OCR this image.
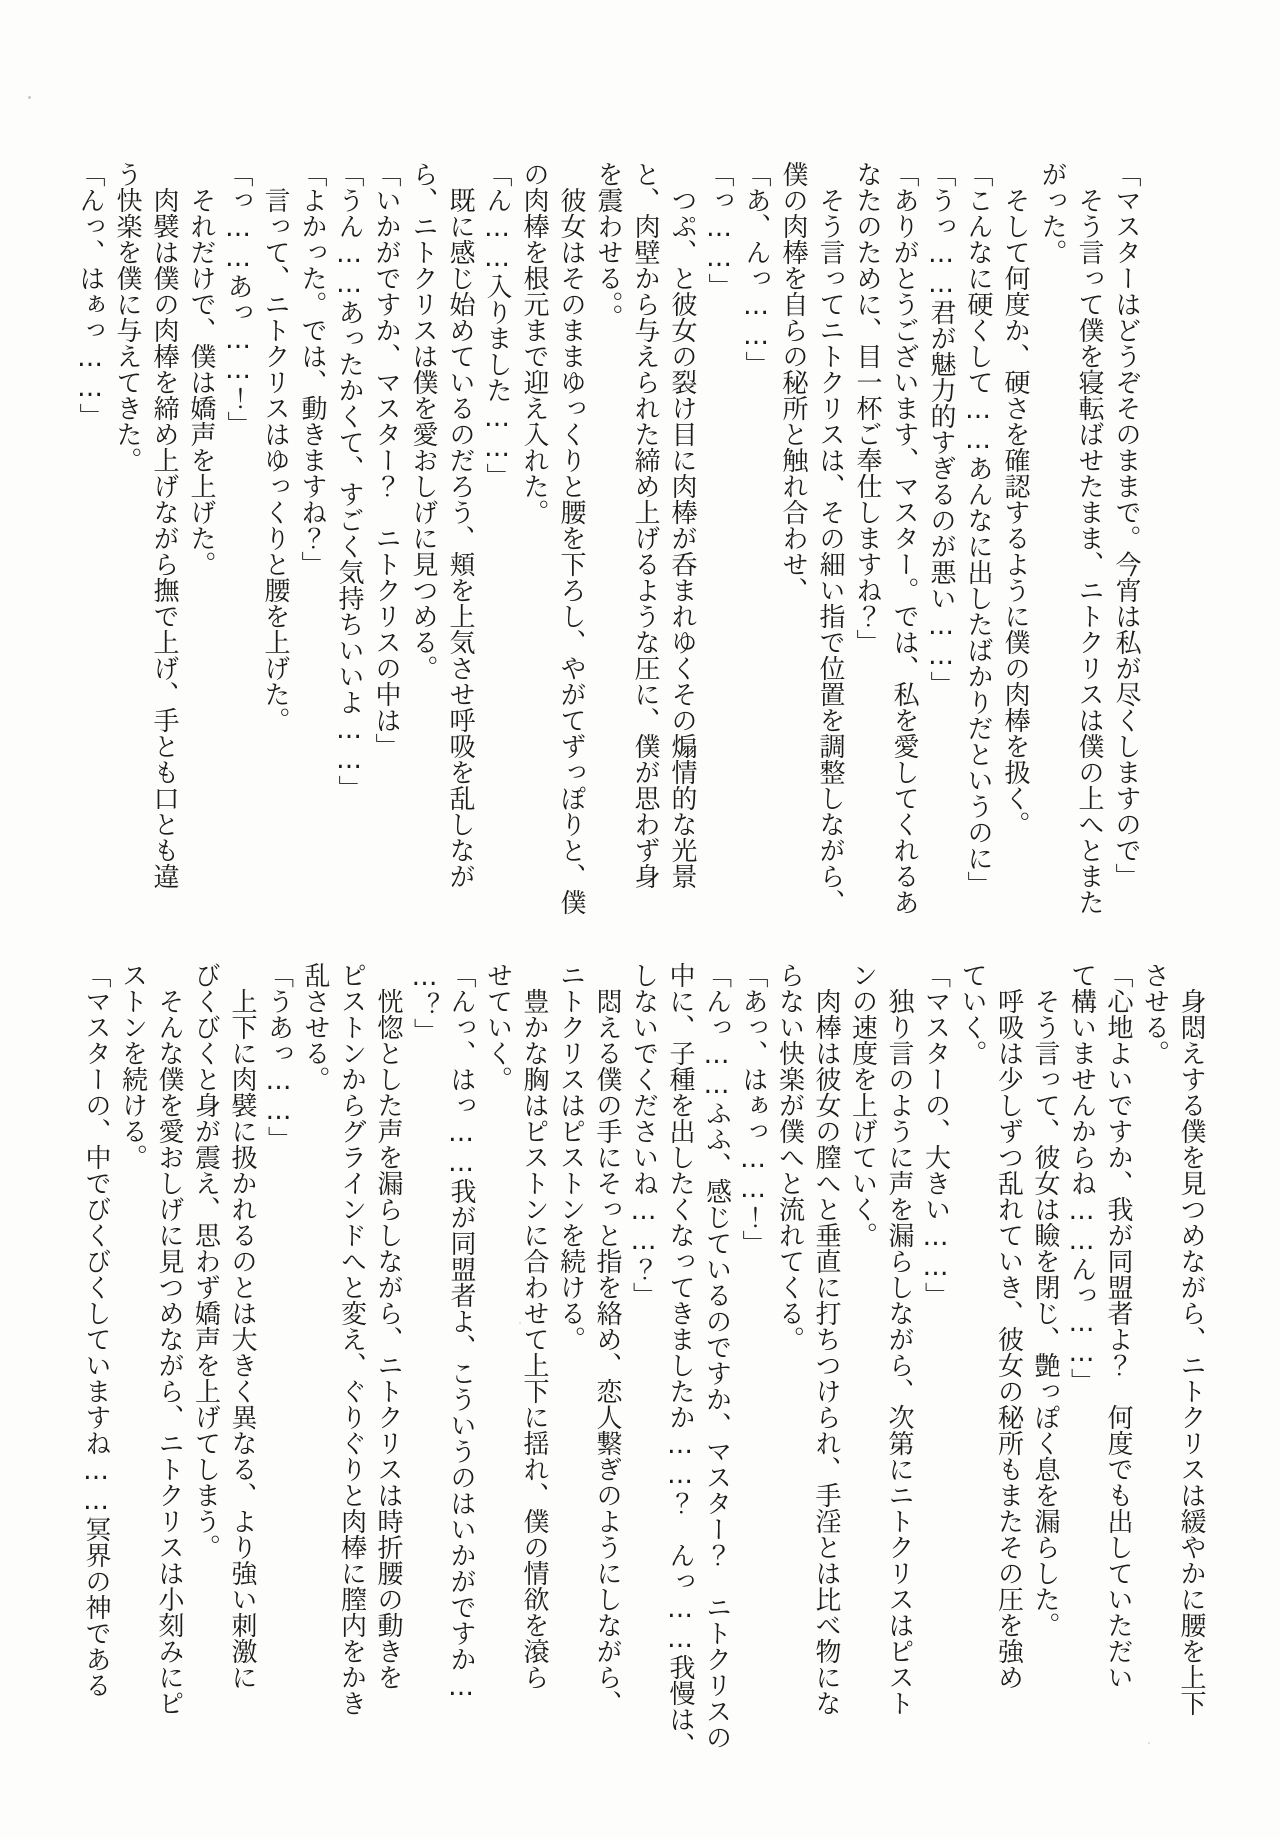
「マスターはどうぞそのままで。今宵は私が尽くしますので」
そう言って僕を寝転ばせたまま、ニトクリスは僕の上へとまた
がった。
そして何度か、硬さを確認するように僕の肉棒を扱く。
「こんなに硬くして……あんなに出したばかりだというのに」
「うっ……君が魅力的すぎるのが悪い……」
「ありがとうございます、マスター。では、私を愛してくれるあ
なたのために、目一杯ご奉仕しますね？」
そう言ってニトクリスは、その細い指で位置を調整しながら、
僕の肉棒を自らの秘所と触れ合わせ、
「あ、んっ……」
「っ……」
つぷ、と彼女の裂け目に肉棒が呑まれゆくその煽情的な光景
と、肉壁から与えられた締め上げるような圧に、僕が思わず身
を震わせる。。
彼女はそのままゆっくりと腰を下ろし、やがてずっぽりと、僕
の肉棒を根元まで迎え入れた。
「ん……入りました……」
既に感じ始めているのだろう、頬を上気させ呼吸を乱しなが
ら、ニトクリスは僕を愛おしげに見つめる。
「いかがですか、マスター？　ニトクリスの中は」
「うん……あったかくて、すごく気持ちいいよ……」
「よかった。では、動きますね？」
言って、ニトクリスはゆっくりと腰を上げた。
「っ……あっ……！」
それだけで、僕は嬌声を上げた。
肉襞は僕の肉棒を締め上げながら撫で上げ、手とも口とも違
う快楽を僕に与えてきた。
「んっ、はぁっ……」
身悶えする僕を見つめながら、ニトクリスは緩やかに腰を上下
させる。
「心地よいですか、我が同盟者よ？　何度でも出していただい
て構いませんからね……んっ……」
そう言って、彼女は瞼を閉じ、艶っぽく息を漏らした。
呼吸は少しずつ乱れていき、彼女の秘所もまたその圧を強め
ていく。
「マスターの、大きい……」
独り言のように声を漏らしながら、次第にニトクリスはピスト
ンの速度を上げていく。
肉棒は彼女の膣へと垂直に打ちつけられ、手淫とは比べ物にな
らない快楽が僕へと流れてくる。
「あっ、はぁっ……！」
「んっ……ふふ、感じているのですか、マスター？　ニトクリスの
中に、子種を出したくなってきましたか……？　んっ……我慢は、
しないでくださいね……？」
悶える僕の手にそっと指を絡め、恋人繋ぎのようにしながら、
ニトクリスはピストンを続ける。
豊かな胸はピストンに合わせて上下に揺れ、僕の情欲を滾ら
せていく。
「んっ、はっ……我が同盟者よ、こういうのはいかがですか…
…？」
恍惚とした声を漏らしながら、ニトクリスは時折腰の動きを
ピストンからグラインドへと変え、ぐりぐりと肉棒に膣内をかき
乱させる。
「うあっ……」
上下に肉襞に扱かれるのとは大きく異なる、より強い刺激に
びくびくと身が震え、思わず嬌声を上げてしまう。
そんな僕を愛おしげに見つめながら、ニトクリスは小刻みにピ
ストンを続ける。
「マスターの、中でびくびくしていますね……冥界の神である
